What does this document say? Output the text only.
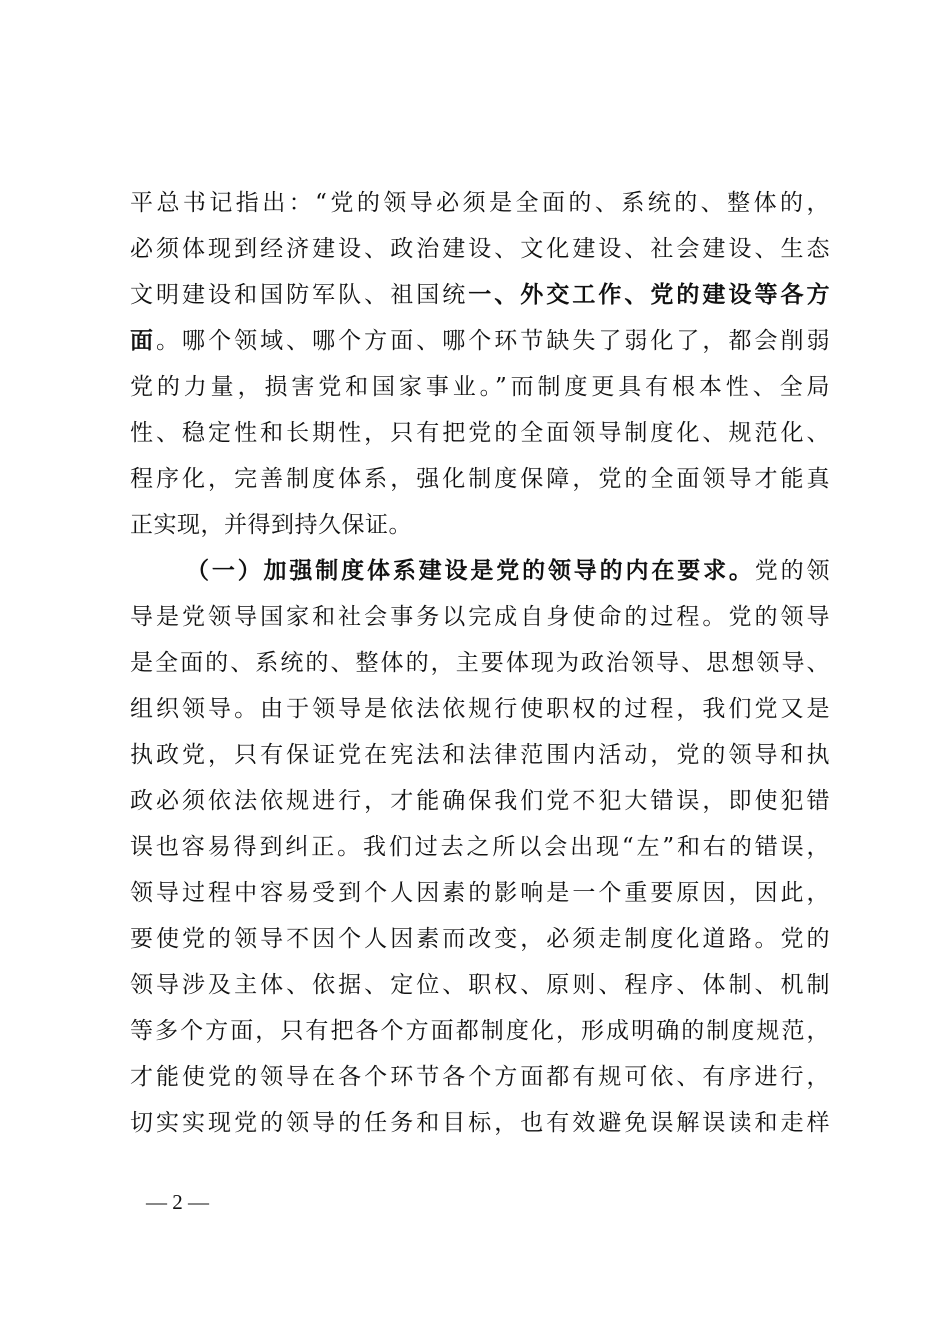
平总书记指出：“党的领导必须是全面的、系统的、整体的，
必须体现到经济建设、政治建设、文化建设、社会建设、生态
文明建设和国防军队、祖国统一、外交工作、党的建设等各方
面。哪个领域、哪个方面、哪个环节缺失了弱化了，都会削弱
党的力量，损害党和国家事业。”而制度更具有根本性、全局
性、稳定性和长期性，只有把党的全面领导制度化、规范化、
程序化，完善制度体系，强化制度保障，党的全面领导才能真
正实现，并得到持久保证。
（一）加强制度体系建设是党的领导的内在要求。党的领
导是党领导国家和社会事务以完成自身使命的过程。党的领导
是全面的、系统的、整体的，主要体现为政治领导、思想领导、
组织领导。由于领导是依法依规行使职权的过程，我们党又是
执政党，只有保证党在宪法和法律范围内活动，党的领导和执
政必须依法依规进行，才能确保我们党不犯大错误，即使犯错
误也容易得到纠正。我们过去之所以会出现“左”和右的错误，
领导过程中容易受到个人因素的影响是一个重要原因，因此，
要使党的领导不因个人因素而改变，必须走制度化道路。党的
领导涉及主体、依据、定位、职权、原则、程序、体制、机制
等多个方面，只有把各个方面都制度化，形成明确的制度规范，
才能使党的领导在各个环节各个方面都有规可依、有序进行，
切实实现党的领导的任务和目标，也有效避免误解误读和走样
— 2 —
